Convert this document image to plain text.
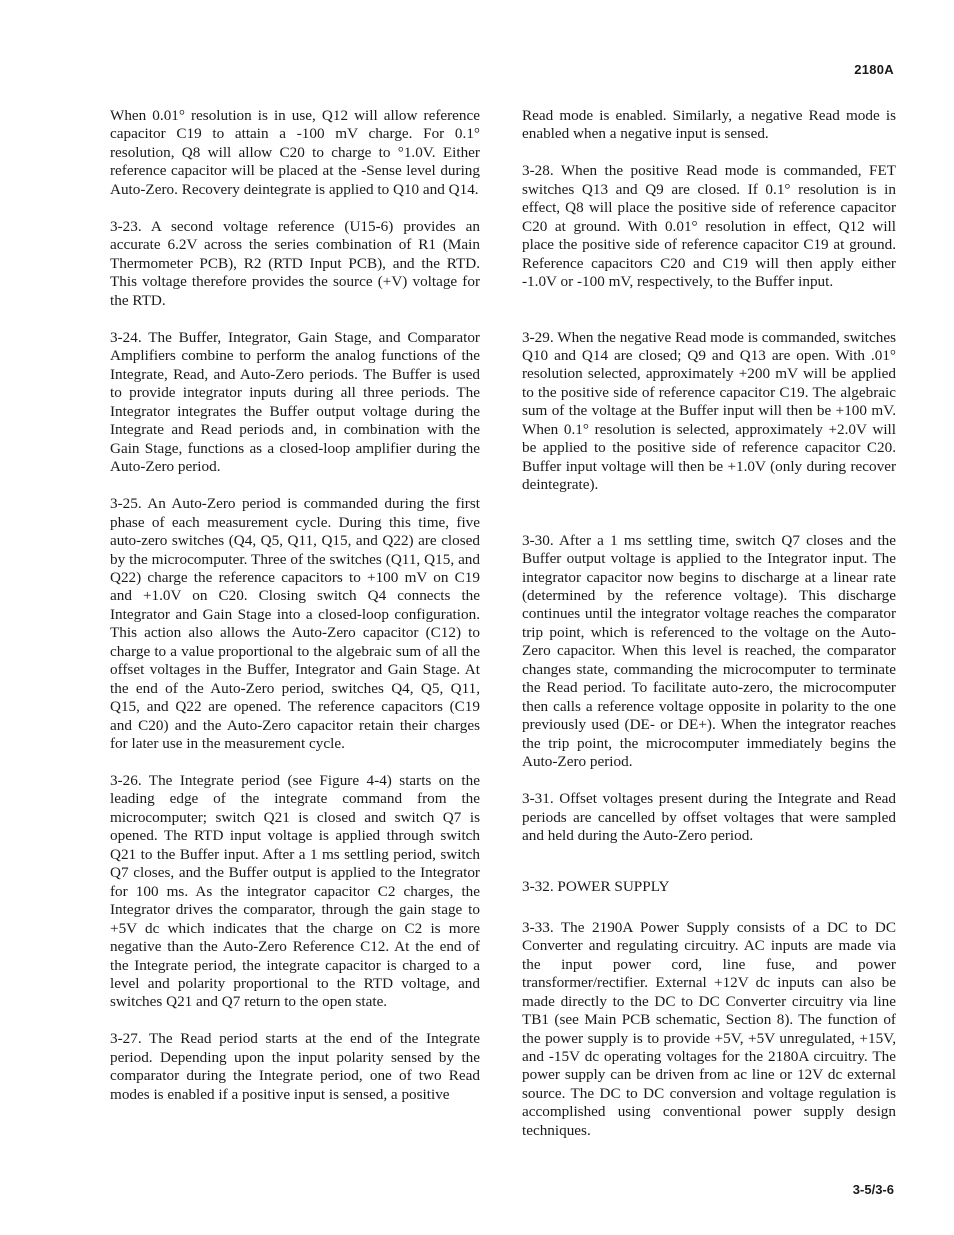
2180A

When 0.01° resolution is in use, Q12 will allow reference capacitor C19 to attain a -100 mV charge. For 0.1° resolution, Q8 will allow C20 to charge to °1.0V. Either reference capacitor will be placed at the -Sense level during Auto-Zero. Recovery deintegrate is applied to Q10 and Q14.

3-23. A second voltage reference (U15-6) provides an accurate 6.2V across the series combination of R1 (Main Thermometer PCB), R2 (RTD Input PCB), and the RTD. This voltage therefore provides the source (+V) voltage for the RTD.

3-24. The Buffer, Integrator, Gain Stage, and Comparator Amplifiers combine to perform the analog functions of the Integrate, Read, and Auto-Zero periods. The Buffer is used to provide integrator inputs during all three periods. The Integrator integrates the Buffer output voltage during the Integrate and Read periods and, in combination with the Gain Stage, functions as a closed-loop amplifier during the Auto-Zero period.

3-25. An Auto-Zero period is commanded during the first phase of each measurement cycle. During this time, five auto-zero switches (Q4, Q5, Q11, Q15, and Q22) are closed by the microcomputer. Three of the switches (Q11, Q15, and Q22) charge the reference capacitors to +100 mV on C19 and +1.0V on C20. Closing switch Q4 connects the Integrator and Gain Stage into a closed-loop configuration. This action also allows the Auto-Zero capacitor (C12) to charge to a value proportional to the algebraic sum of all the offset voltages in the Buffer, Integrator and Gain Stage. At the end of the Auto-Zero period, switches Q4, Q5, Q11, Q15, and Q22 are opened. The reference capacitors (C19 and C20) and the Auto-Zero capacitor retain their charges for later use in the measurement cycle.

3-26. The Integrate period (see Figure 4-4) starts on the leading edge of the integrate command from the microcomputer; switch Q21 is closed and switch Q7 is opened. The RTD input voltage is applied through switch Q21 to the Buffer input. After a 1 ms settling period, switch Q7 closes, and the Buffer output is applied to the Integrator for 100 ms. As the integrator capacitor C2 charges, the Integrator drives the comparator, through the gain stage to +5V dc which indicates that the charge on C2 is more negative than the Auto-Zero Reference C12. At the end of the Integrate period, the integrate capacitor is charged to a level and polarity proportional to the RTD voltage, and switches Q21 and Q7 return to the open state.

3-27. The Read period starts at the end of the Integrate period. Depending upon the input polarity sensed by the comparator during the Integrate period, one of two Read modes is enabled if a positive input is sensed, a positive

Read mode is enabled. Similarly, a negative Read mode is enabled when a negative input is sensed.

3-28. When the positive Read mode is commanded, FET switches Q13 and Q9 are closed. If 0.1° resolution is in effect, Q8 will place the positive side of reference capacitor C20 at ground. With 0.01° resolution in effect, Q12 will place the positive side of reference capacitor C19 at ground. Reference capacitors C20 and C19 will then apply either -1.0V or -100 mV, respectively, to the Buffer input.

3-29. When the negative Read mode is commanded, switches Q10 and Q14 are closed; Q9 and Q13 are open. With .01° resolution selected, approximately +200 mV will be applied to the positive side of reference capacitor C19. The algebraic sum of the voltage at the Buffer input will then be +100 mV. When 0.1° resolution is selected, approximately +2.0V will be applied to the positive side of reference capacitor C20. Buffer input voltage will then be +1.0V (only during recover deintegrate).

3-30. After a 1 ms settling time, switch Q7 closes and the Buffer output voltage is applied to the Integrator input. The integrator capacitor now begins to discharge at a linear rate (determined by the reference voltage). This discharge continues until the integrator voltage reaches the comparator trip point, which is referenced to the voltage on the Auto-Zero capacitor. When this level is reached, the comparator changes state, commanding the microcomputer to terminate the Read period. To facilitate auto-zero, the microcomputer then calls a reference voltage opposite in polarity to the one previously used (DE- or DE+). When the integrator reaches the trip point, the microcomputer immediately begins the Auto-Zero period.

3-31. Offset voltages present during the Integrate and Read periods are cancelled by offset voltages that were sampled and held during the Auto-Zero period.

3-32. POWER SUPPLY

3-33. The 2190A Power Supply consists of a DC to DC Converter and regulating circuitry. AC inputs are made via the input power cord, line fuse, and power transformer/rectifier. External +12V dc inputs can also be made directly to the DC to DC Converter circuitry via line TB1 (see Main PCB schematic, Section 8). The function of the power supply is to provide +5V, +5V unregulated, +15V, and -15V dc operating voltages for the 2180A circuitry. The power supply can be driven from ac line or 12V dc external source. The DC to DC conversion and voltage regulation is accomplished using conventional power supply design techniques.

3-5/3-6
